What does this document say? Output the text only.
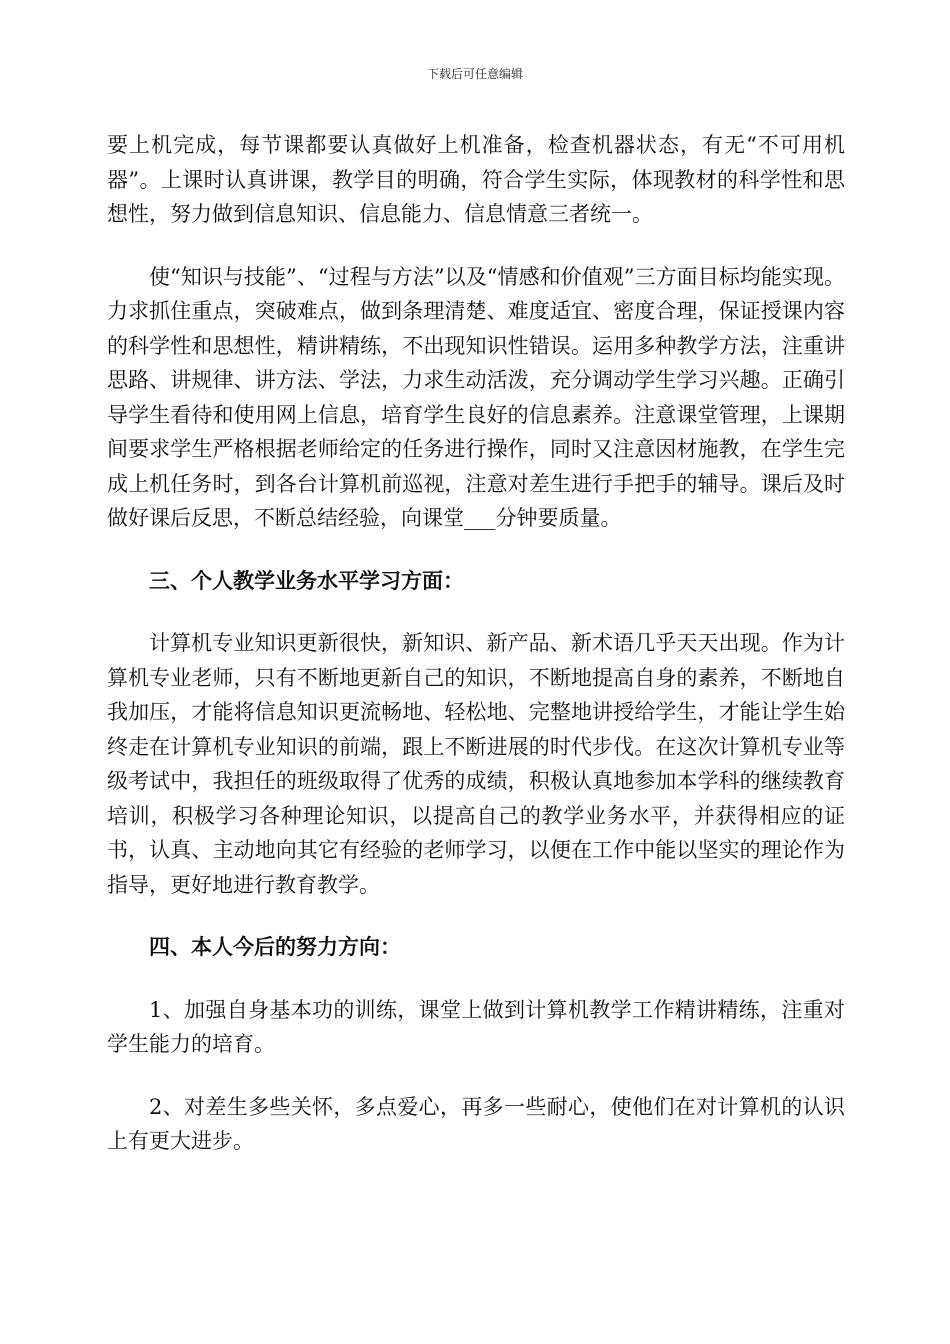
下载后可任意编辑

要上机完成，每节课都要认真做好上机准备，检查机器状态，有无“不可用机器”。上课时认真讲课，教学目的明确，符合学生实际，体现教材的科学性和思想性，努力做到信息知识、信息能力、信息情意三者统一。

使“知识与技能”、“过程与方法”以及“情感和价值观”三方面目标均能实现。力求抓住重点，突破难点，做到条理清楚、难度适宜、密度合理，保证授课内容的科学性和思想性，精讲精练，不出现知识性错误。运用多种教学方法，注重讲思路、讲规律、讲方法、学法，力求生动活泼，充分调动学生学习兴趣。正确引导学生看待和使用网上信息，培育学生良好的信息素养。注意课堂管理，上课期间要求学生严格根据老师给定的任务进行操作，同时又注意因材施教，在学生完成上机任务时，到各台计算机前巡视，注意对差生进行手把手的辅导。课后及时做好课后反思，不断总结经验，向课堂___分钟要质量。

三、个人教学业务水平学习方面：

计算机专业知识更新很快，新知识、新产品、新术语几乎天天出现。作为计算机专业老师，只有不断地更新自己的知识，不断地提高自身的素养，不断地自我加压，才能将信息知识更流畅地、轻松地、完整地讲授给学生，才能让学生始终走在计算机专业知识的前端，跟上不断进展的时代步伐。在这次计算机专业等级考试中，我担任的班级取得了优秀的成绩，积极认真地参加本学科的继续教育培训，积极学习各种理论知识，以提高自己的教学业务水平，并获得相应的证书，认真、主动地向其它有经验的老师学习，以便在工作中能以坚实的理论作为指导，更好地进行教育教学。

四、本人今后的努力方向：

1、加强自身基本功的训练，课堂上做到计算机教学工作精讲精练，注重对学生能力的培育。

2、对差生多些关怀，多点爱心，再多一些耐心，使他们在对计算机的认识上有更大进步。
